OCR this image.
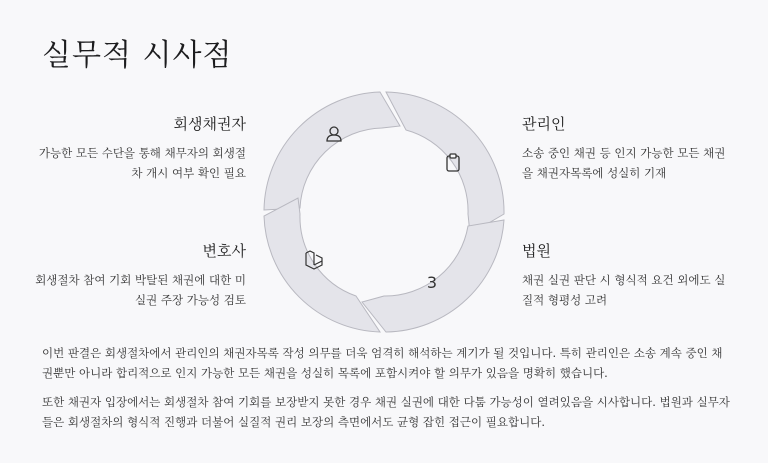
실무적 시사점
회생채권자
가능한 모든 수단을 통해 채무자의 회생절차 개시 여부 확인 필요
변호사
회생절차 참여 기회 박탈된 채권에 대한 미실권 주장 가능성 검토
관리인
소송 중인 채권 등 인지 가능한 모든 채권을 채권자목록에 성실히 기재
법원
채권 실권 판단 시 형식적 요건 외에도 실질적 형평성 고려
3
이번 판결은 회생절차에서 관리인의 채권자목록 작성 의무를 더욱 엄격히 해석하는 계기가 될 것입니다. 특히 관리인은 소송 계속 중인 채권뿐만 아니라 합리적으로 인지 가능한 모든 채권을 성실히 목록에 포함시켜야 할 의무가 있음을 명확히 했습니다.
또한 채권자 입장에서는 회생절차 참여 기회를 보장받지 못한 경우 채권 실권에 대한 다툼 가능성이 열려있음을 시사합니다. 법원과 실무자들은 회생절차의 형식적 진행과 더불어 실질적 권리 보장의 측면에서도 균형 잡힌 접근이 필요합니다.
